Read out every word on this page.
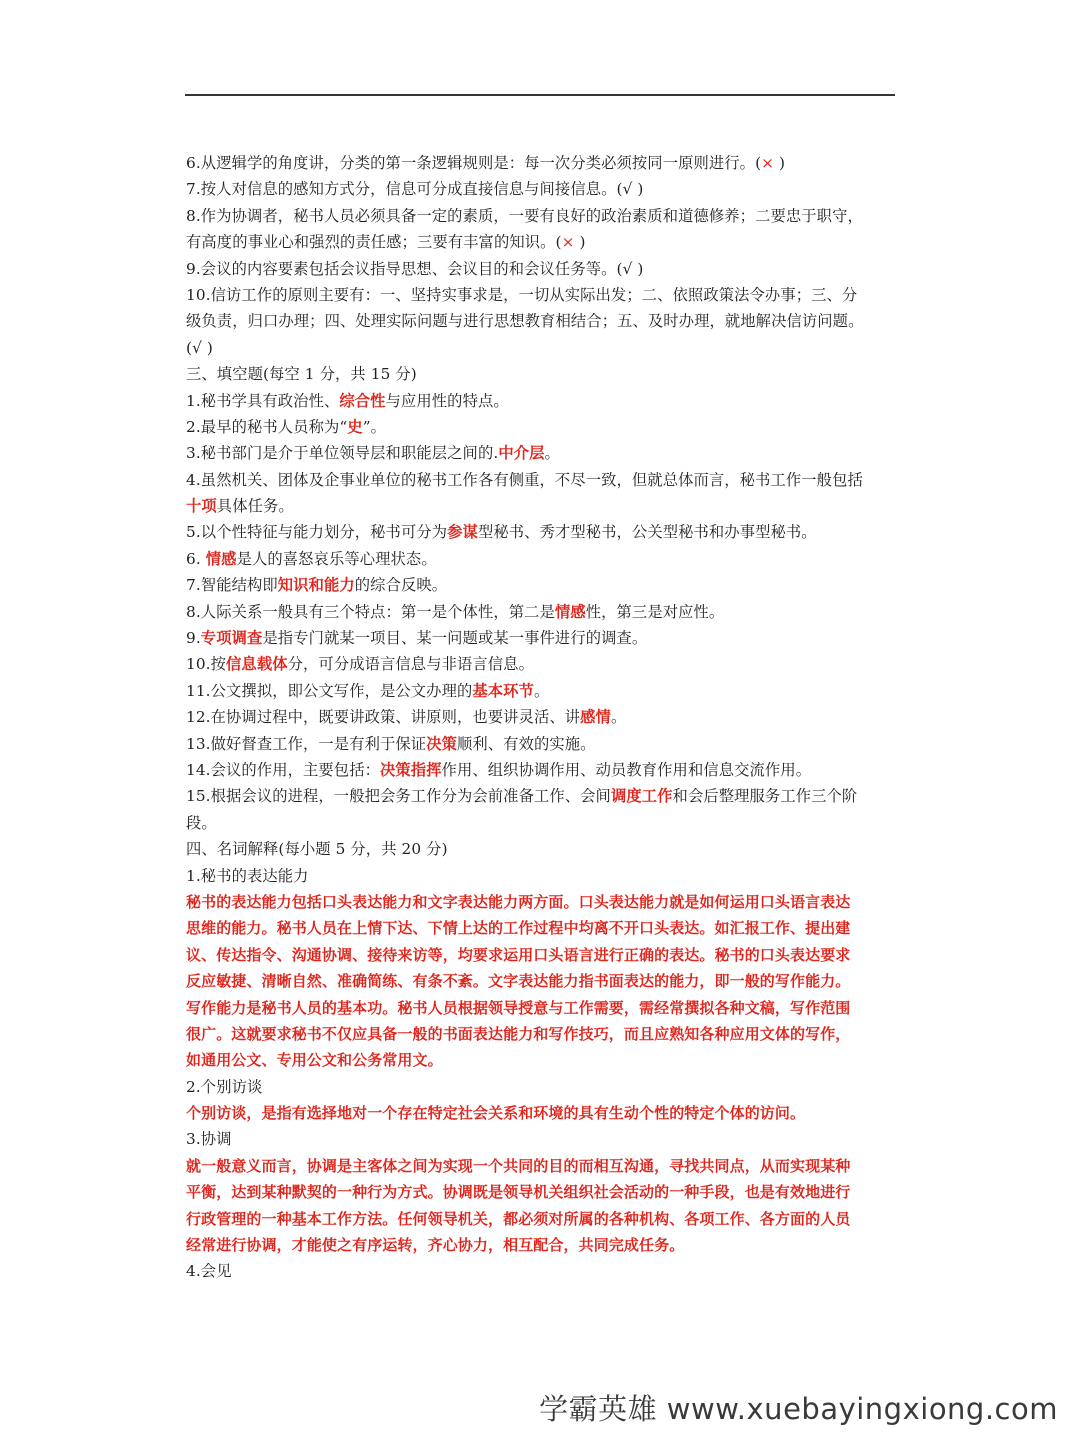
6.从逻辑学的角度讲，分类的第一条逻辑规则是：每一次分类必须按同一原则进行。(× )
7.按人对信息的感知方式分，信息可分成直接信息与间接信息。(√ )
8.作为协调者，秘书人员必须具备一定的素质，一要有良好的政治素质和道德修养；二要忠于职守，
有高度的事业心和强烈的责任感；三要有丰富的知识。(× )
9.会议的内容要素包括会议指导思想、会议目的和会议任务等。(√ )
10.信访工作的原则主要有：一、坚持实事求是，一切从实际出发；二、依照政策法令办事；三、分
级负责，归口办理；四、处理实际问题与进行思想教育相结合；五、及时办理，就地解决信访问题。
(√ )
三、填空题(每空 1 分，共 15 分)
1.秘书学具有政治性、综合性与应用性的特点。
2.最早的秘书人员称为“史”。
3.秘书部门是介于单位领导层和职能层之间的.中介层。
4.虽然机关、团体及企事业单位的秘书工作各有侧重，不尽一致，但就总体而言，秘书工作一般包括
十项具体任务。
5.以个性特征与能力划分，秘书可分为参谋型秘书、秀才型秘书，公关型秘书和办事型秘书。
6. 情感是人的喜怒哀乐等心理状态。
7.智能结构即知识和能力的综合反映。
8.人际关系一般具有三个特点：第一是个体性，第二是情感性，第三是对应性。
9.专项调查是指专门就某一项目、某一问题或某一事件进行的调查。
10.按信息载体分，可分成语言信息与非语言信息。
11.公文撰拟，即公文写作，是公文办理的基本环节。
12.在协调过程中，既要讲政策、讲原则，也要讲灵活、讲感情。
13.做好督查工作，一是有利于保证决策顺利、有效的实施。
14.会议的作用，主要包括：决策指挥作用、组织协调作用、动员教育作用和信息交流作用。
15.根据会议的进程，一般把会务工作分为会前准备工作、会间调度工作和会后整理服务工作三个阶
段。
四、名词解释(每小题 5 分，共 20 分)
1.秘书的表达能力
秘书的表达能力包括口头表达能力和文字表达能力两方面。口头表达能力就是如何运用口头语言表达
思维的能力。秘书人员在上情下达、下情上达的工作过程中均离不开口头表达。如汇报工作、提出建
议、传达指令、沟通协调、接待来访等，均要求运用口头语言进行正确的表达。秘书的口头表达要求
反应敏捷、清晰自然、准确简练、有条不紊。文字表达能力指书面表达的能力，即一般的写作能力。
写作能力是秘书人员的基本功。秘书人员根据领导授意与工作需要，需经常撰拟各种文稿，写作范围
很广。这就要求秘书不仅应具备一般的书面表达能力和写作技巧，而且应熟知各种应用文体的写作，
如通用公文、专用公文和公务常用文。
2.个别访谈
个别访谈，是指有选择地对一个存在特定社会关系和环境的具有生动个性的特定个体的访问。
3.协调
就一般意义而言，协调是主客体之间为实现一个共同的目的而相互沟通，寻找共同点，从而实现某种
平衡，达到某种默契的一种行为方式。协调既是领导机关组织社会活动的一种手段，也是有效地进行
行政管理的一种基本工作方法。任何领导机关，都必须对所属的各种机构、各项工作、各方面的人员
经常进行协调，才能使之有序运转，齐心协力，相互配合，共同完成任务。
4.会见
学霸英雄 www.xuebayingxiong.com
